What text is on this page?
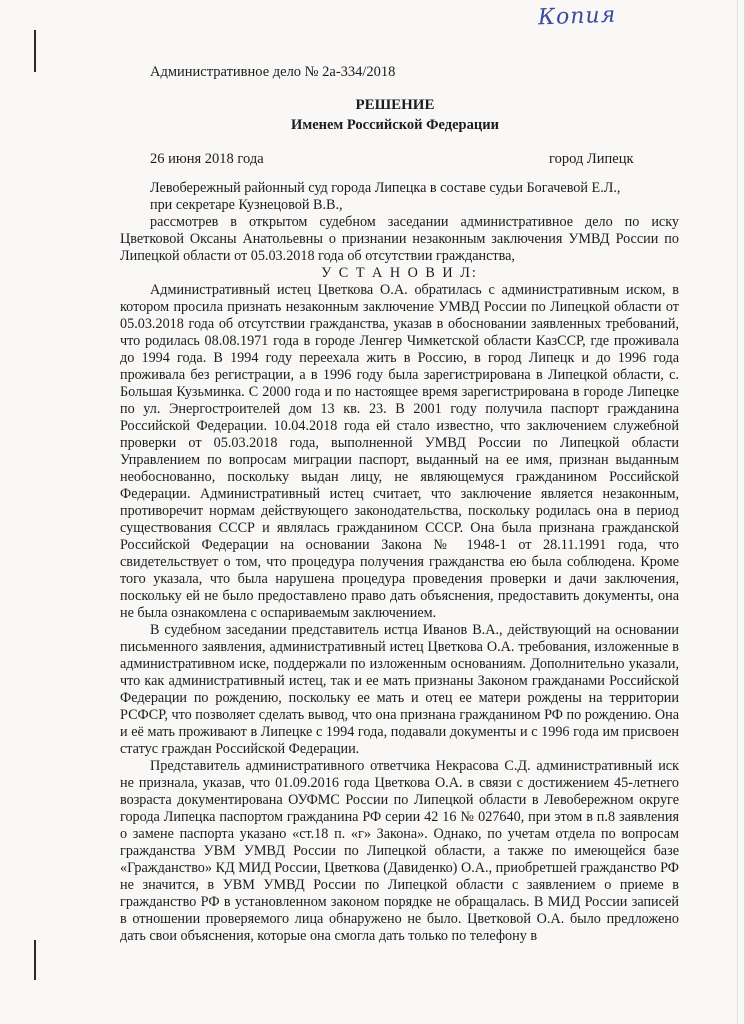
Копия
Административное дело № 2а-334/2018
РЕШЕНИЕ
Именем Российской Федерации
26 июня 2018 года	город Липецк

Левобережный районный суд города Липецка в составе судьи Богачевой Е.Л.,

при секретаре Кузнецовой В.В.,

рассмотрев в открытом судебном заседании административное дело по иску Цветковой Оксаны Анатольевны о признании незаконным заключения УМВД России по Липецкой области от 05.03.2018 года об отсутствии гражданства,

У С Т А Н О В И Л:

Административный истец Цветкова О.А. обратилась с административным иском, в котором просила признать незаконным заключение УМВД России по Липецкой области от 05.03.2018 года об отсутствии гражданства, указав в обосновании заявленных требований, что родилась 08.08.1971 года в городе Ленгер Чимкетской области КазССР, где проживала до 1994 года. В 1994 году переехала жить в Россию, в город Липецк и до 1996 года проживала без регистрации, а в 1996 году была зарегистрирована в Липецкой области, с. Большая Кузьминка. С 2000 года и по настоящее время зарегистрирована в городе Липецке по ул. Энергостроителей дом 13 кв. 23. В 2001 году получила паспорт гражданина Российской Федерации. 10.04.2018 года ей стало известно, что заключением служебной проверки от 05.03.2018 года, выполненной УМВД России по Липецкой области Управлением по вопросам миграции паспорт, выданный на ее имя, признан выданным необоснованно, поскольку выдан лицу, не являющемуся гражданином Российской Федерации. Административный истец считает, что заключение является незаконным, противоречит нормам действующего законодательства, поскольку родилась она в период существования СССР и являлась гражданином СССР. Она была признана гражданской Российской Федерации на основании Закона № 1948-1 от 28.11.1991 года, что свидетельствует о том, что процедура получения гражданства ею была соблюдена. Кроме того указала, что была нарушена процедура проведения проверки и дачи заключения, поскольку ей не было предоставлено право дать объяснения, предоставить документы, она не была ознакомлена с оспариваемым заключением.

В судебном заседании представитель истца Иванов В.А., действующий на основании письменного заявления, административный истец Цветкова О.А. требования, изложенные в административном иске, поддержали по изложенным основаниям. Дополнительно указали, что как административный истец, так и ее мать признаны Законом гражданами Российской Федерации по рождению, поскольку ее мать и отец ее матери рождены на территории РСФСР, что позволяет сделать вывод, что она признана гражданином РФ по рождению. Она и её мать проживают в Липецке с 1994 года, подавали документы и с 1996 года им присвоен статус граждан Российской Федерации.

Представитель административного ответчика Некрасова С.Д. административный иск не признала, указав, что 01.09.2016 года Цветкова О.А. в связи с достижением 45-летнего возраста документирована ОУФМС России по Липецкой области в Левобережном округе города Липецка паспортом гражданина РФ серии 42 16 № 027640, при этом в п.8 заявления о замене паспорта указано «ст.18 п. «г» Закона». Однако, по учетам отдела по вопросам гражданства УВМ УМВД России по Липецкой области, а также по имеющейся базе «Гражданство» КД МИД России, Цветкова (Давиденко) О.А., приобретшей гражданство РФ не значится, в УВМ УМВД России по Липецкой области с заявлением о приеме в гражданство РФ в установленном законом порядке не обращалась. В МИД России записей в отношении проверяемого лица обнаружено не было. Цветковой О.А. было предложено дать свои объяснения, которые она смогла дать только по телефону в
